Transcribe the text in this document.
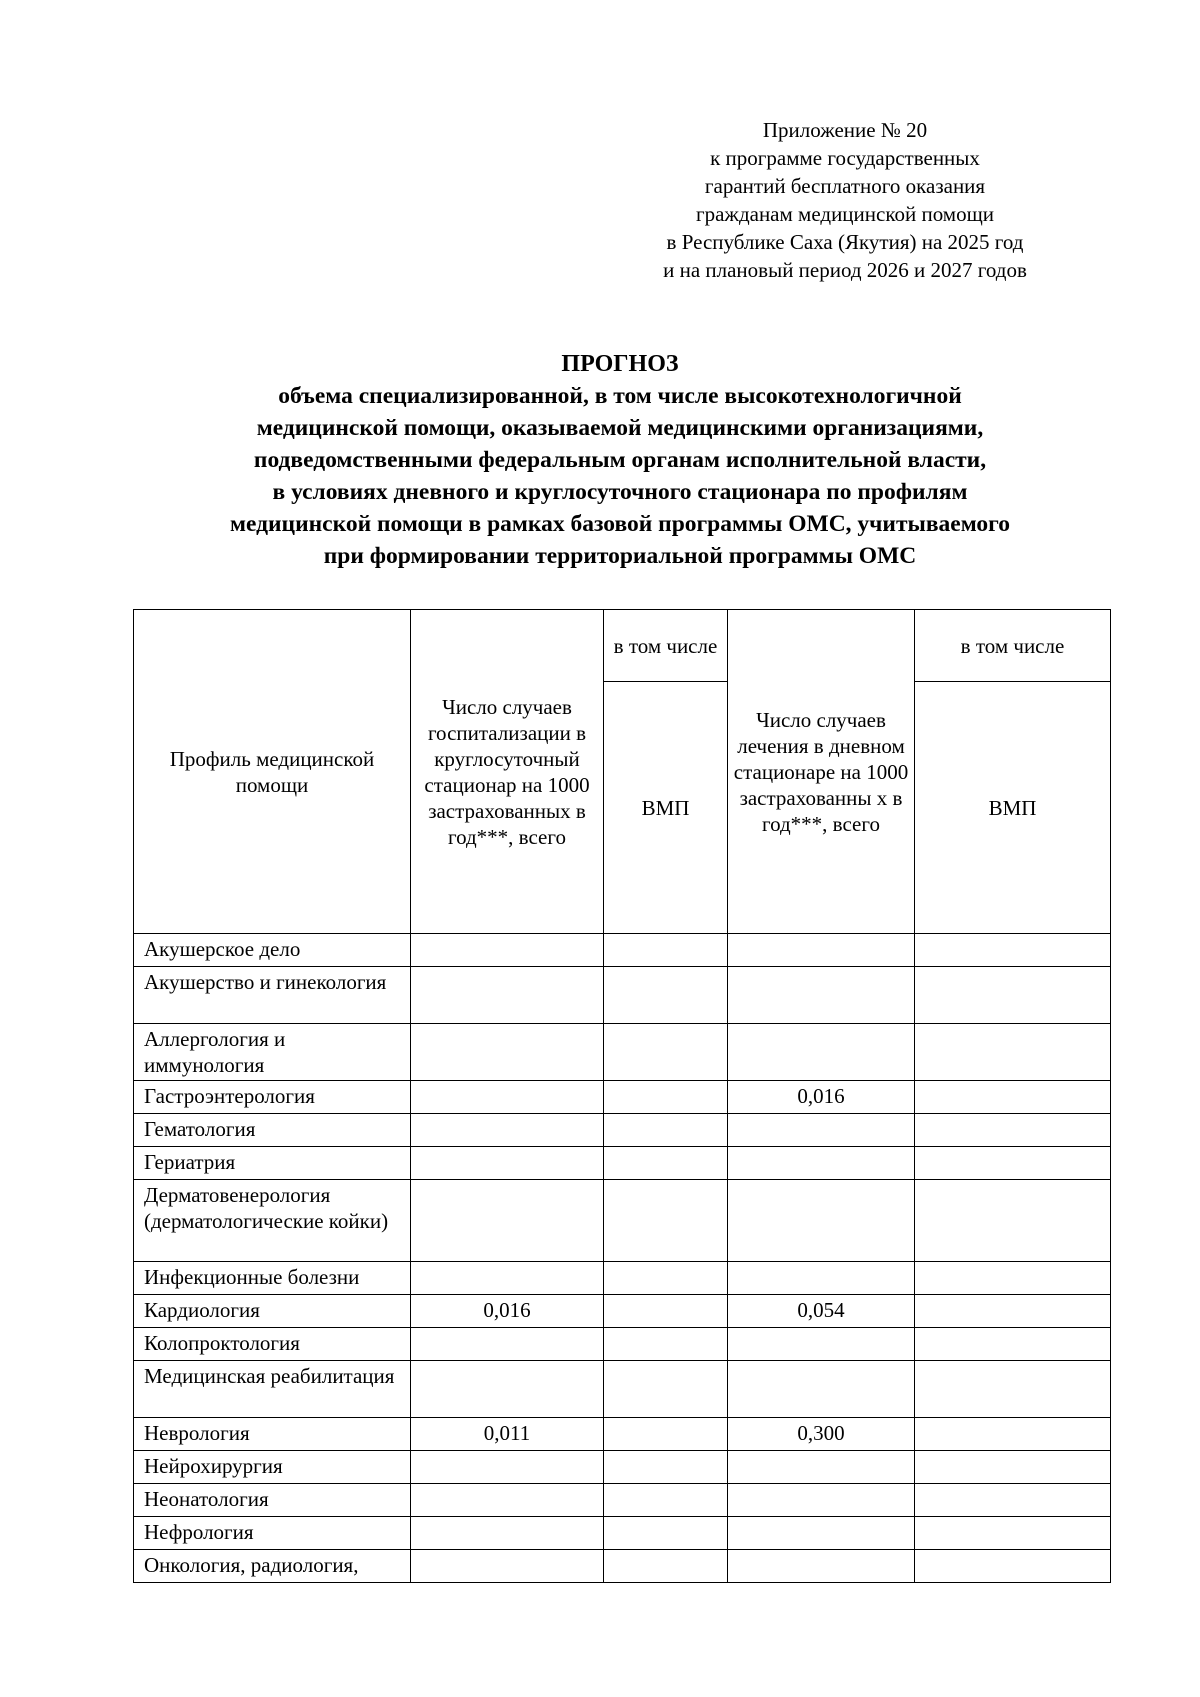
Приложение № 20
к программе государственных
гарантий бесплатного оказания
гражданам медицинской помощи
в Республике Саха (Якутия) на 2025 год
и на плановый период 2026 и 2027 годов
ПРОГНОЗ
объема специализированной, в том числе высокотехнологичной
медицинской помощи, оказываемой медицинскими организациями,
подведомственными федеральным органам исполнительной власти,
в условиях дневного и круглосуточного стационара по профилям
медицинской помощи в рамках базовой программы ОМС, учитываемого
при формировании территориальной программы ОМС
Профиль медицинской помощи	Число случаев госпитализации в круглосуточный стационар на 1000 застрахованных в год***, всего	в том числе	Число случаев лечения в дневном стационаре на 1000 застрахованны х в год***, всего	в том числе
		ВМП		ВМП
Акушерское дело				
Акушерство и гинекология				
Аллергология и иммунология				
Гастроэнтерология			0,016	
Гематология				
Гериатрия				
Дерматовенерология (дерматологические койки)				
Инфекционные болезни				
Кардиология	0,016		0,054	
Колопроктология				
Медицинская реабилитация				
Неврология	0,011		0,300	
Нейрохирургия				
Неонатология				
Нефрология				
Онкология, радиология,				
